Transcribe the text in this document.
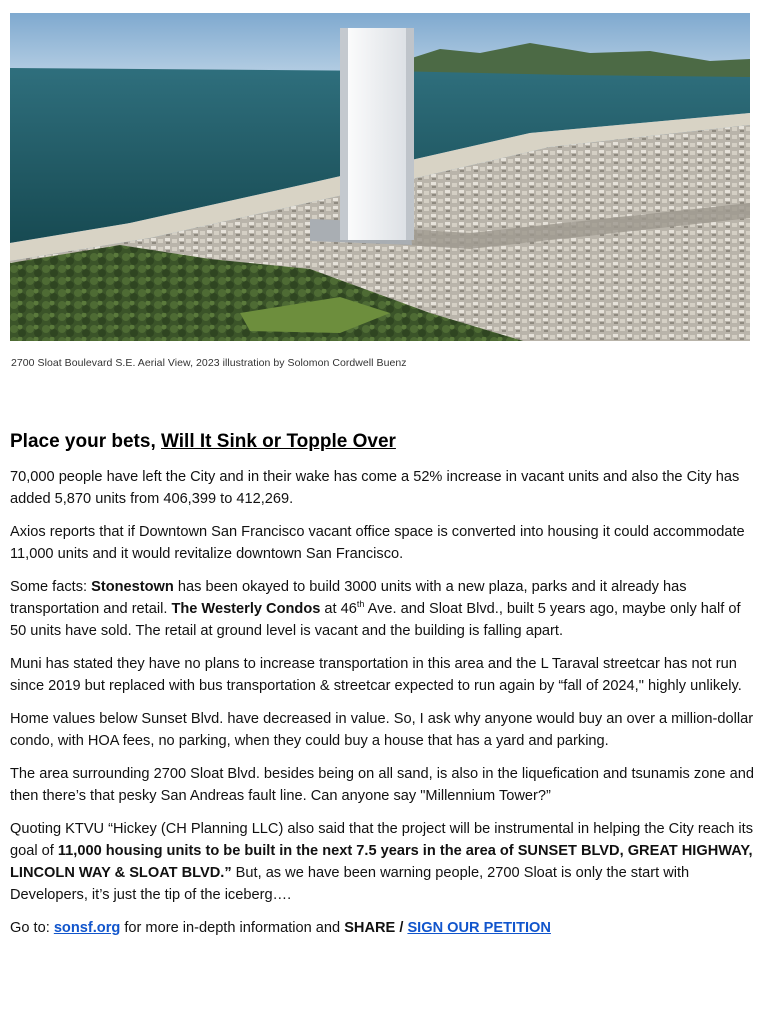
2700 Sloat Boulevard S.E. Aerial View, 2023 illustration by Solomon Cordwell Buenz
Place your bets, Will It Sink or Topple Over

70,000 people have left the City and in their wake has come a 52% increase in vacant units and also the City has added 5,870 units from 406,399 to 412,269.

Axios reports that if Downtown San Francisco vacant office space is converted into housing it could accommodate 11,000 units and it would revitalize downtown San Francisco.

Some facts: Stonestown has been okayed to build 3000 units with a new plaza, parks and it already has transportation and retail. The Westerly Condos at 46th Ave. and Sloat Blvd., built 5 years ago, maybe only half of 50 units have sold. The retail at ground level is vacant and the building is falling apart.

Muni has stated they have no plans to increase transportation in this area and the L Taraval streetcar has not run since 2019 but replaced with bus transportation & streetcar expected to run again by “fall of 2024," highly unlikely.

Home values below Sunset Blvd. have decreased in value. So, I ask why anyone would buy an over a million-dollar condo, with HOA fees, no parking, when they could buy a house that has a yard and parking.

The area surrounding 2700 Sloat Blvd. besides being on all sand, is also in the liquefication and tsunamis zone and then there’s that pesky San Andreas fault line. Can anyone say "Millennium Tower?”

Quoting KTVU “Hickey (CH Planning LLC) also said that the project will be instrumental in helping the City reach its goal of 11,000 housing units to be built in the next 7.5 years in the area of SUNSET BLVD, GREAT HIGHWAY, LINCOLN WAY & SLOAT BLVD.” But, as we have been warning people, 2700 Sloat is only the start with Developers, it’s just the tip of the iceberg….

Go to: sonsf.org for more in-depth information and SHARE / SIGN OUR PETITION
